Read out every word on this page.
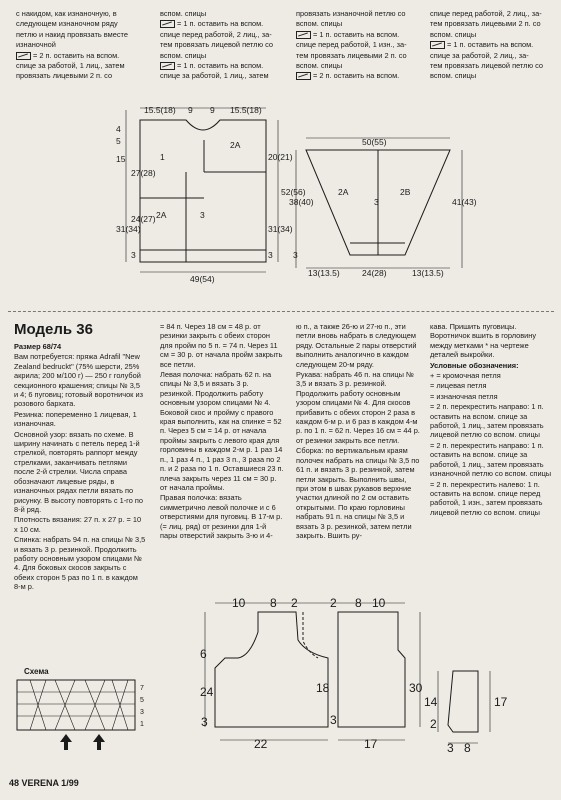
с накидом, как изнаночную, в

следующем изнаночном ряду

петлю и накид провязать вместе

изнаночной

= 2 п. оставить на вспом.

спице за работой, 1 лиц., затем

провязать лицевыми 2 п. со

вспом. спицы

= 1 п. оставить на вспом.

спице перед работой, 2 лиц., за-

тем провязать лицевой петлю со

вспом. спицы

= 1 п. оставить на вспом.

спице за работой, 1 лиц., затем

провязать изнаночной петлю со

вспом. спицы

= 1 п. оставить на вспом.

спице перед работой, 1 изн., за-

тем провязать лицевыми 2 п. со

вспом. спицы

= 2 п. оставить на вспом.

спице перед работой, 2 лиц., за-

тем провязать лицевыми 2 п. со

вспом. спицы

= 1 п. оставить на вспом.

спице за работой, 2 лиц., за-

тем провязать лицевой петлю со

вспом. спицы

15.5(18) 9 9 15.5(18)
4
5
15
27(28)
31(34)
24(27)
3
20(21)
52(56)
31(34)
3
49(54)
1
2A
2A	3
50(55)
38(40)
3
41(43)
13(13.5)	24(28)	13(13.5)
2A
3
2B
10 8 2	2 8 10
6
24
3
18	30
3
22	17
14
2
17
3 8
Схема
7
5
3
1
Модель 36

Размер 68/74

Вам потребуется: пряжа Adrafil "New Zealand bedruckt" (75% шерсти, 25% акрила; 200 м/100 г) — 250 г голубой секционного крашения; спицы № 3,5 и 4; 6 пуговиц; готовый воротничок из розового бархата.

Резинка: попеременно 1 лицевая, 1 изнаночная.

Основной узор: вязать по схеме. В ширину начинать с петель перед 1-й стрелкой, повторять раппорт между стрелками, заканчивать петлями после 2-й стрелки. Числа справа обозначают лицевые ряды, в изнаночных рядах петли вязать по рисунку. В высоту повторять с 1-го по 8-й ряд.

Плотность вязания: 27 п. x 27 р. = 10 x 10 см.

Спинка: набрать 94 п. на спицы № 3,5 и вязать 3 р. резинкой. Продолжить работу основным узором спицами № 4. Для боковых скосов закрыть с обеих сторон 5 раз по 1 п. в каждом 8-м р.

= 84 п. Через 18 см = 48 р. от резинки закрыть с обеих сторон для пройм по 5 п. = 74 п. Через 11 см = 30 р. от начала пройм закрыть все петли.

Левая полочка: набрать 62 п. на спицы № 3,5 и вязать 3 р. резинкой. Продолжить работу основным узором спицами № 4. Боковой скос и пройму с правого края выполнить, как на спинке = 52 п. Через 5 см = 14 р. от начала проймы закрыть с левого края для горловины в каждом 2-м р. 1 раз 14 п., 1 раз 4 п., 1 раз 3 п., 3 раза по 2 п. и 2 раза по 1 п. Оставшиеся 23 п. плеча закрыть через 11 см = 30 р. от начала проймы.

Правая полочка: вязать симметрично левой полочке и с 6 отверстиями для пуговиц. В 17-м р. (= лиц. ряд) от резинки для 1-й пары отверстий закрыть 3-ю и 4-

ю п., а также 26-ю и 27-ю п., эти петли вновь набрать в следующем ряду. Остальные 2 пары отверстий выполнить аналогично в каждом следующем 20-м ряду.

Рукава: набрать 46 п. на спицы № 3,5 и вязать 3 р. резинкой. Продолжить работу основным узором спицами № 4. Для скосов прибавить с обеих сторон 2 раза в каждом 6-м р. и 6 раз в каждом 4-м р. по 1 п. = 62 п. Через 16 см = 44 р. от резинки закрыть все петли.

Сборка: по вертикальным краям полочек набрать на спицы № 3,5 по 61 п. и вязать 3 р. резинкой, затем петли закрыть. Выполнить швы, при этом в швах рукавов верхние участки длиной по 2 см оставить открытыми. По краю горловины набрать 91 п. на спицы № 3,5 и вязать 3 р. резинкой, затем петли закрыть. Вшить ру-

кава. Пришить пуговицы. Воротничок вшить в горловину между метками * на чертеже деталей выкройки.

Условные обозначения:

+ = кромочная петля

= лицевая петля

= изнаночная петля

= 2 п. перекрестить направо: 1 п. оставить на вспом. спице за работой, 1 лиц., затем провязать лицевой петлю со вспом. спицы

= 2 п. перекрестить направо: 1 п. оставить на вспом. спице за работой, 1 лиц., затем провязать изнаночной петлю со вспом. спицы

= 2 п. перекрестить налево: 1 п. оставить на вспом. спице перед работой, 1 изн., затем провязать лицевой петлю со вспом. спицы

48 VERENA 1/99
